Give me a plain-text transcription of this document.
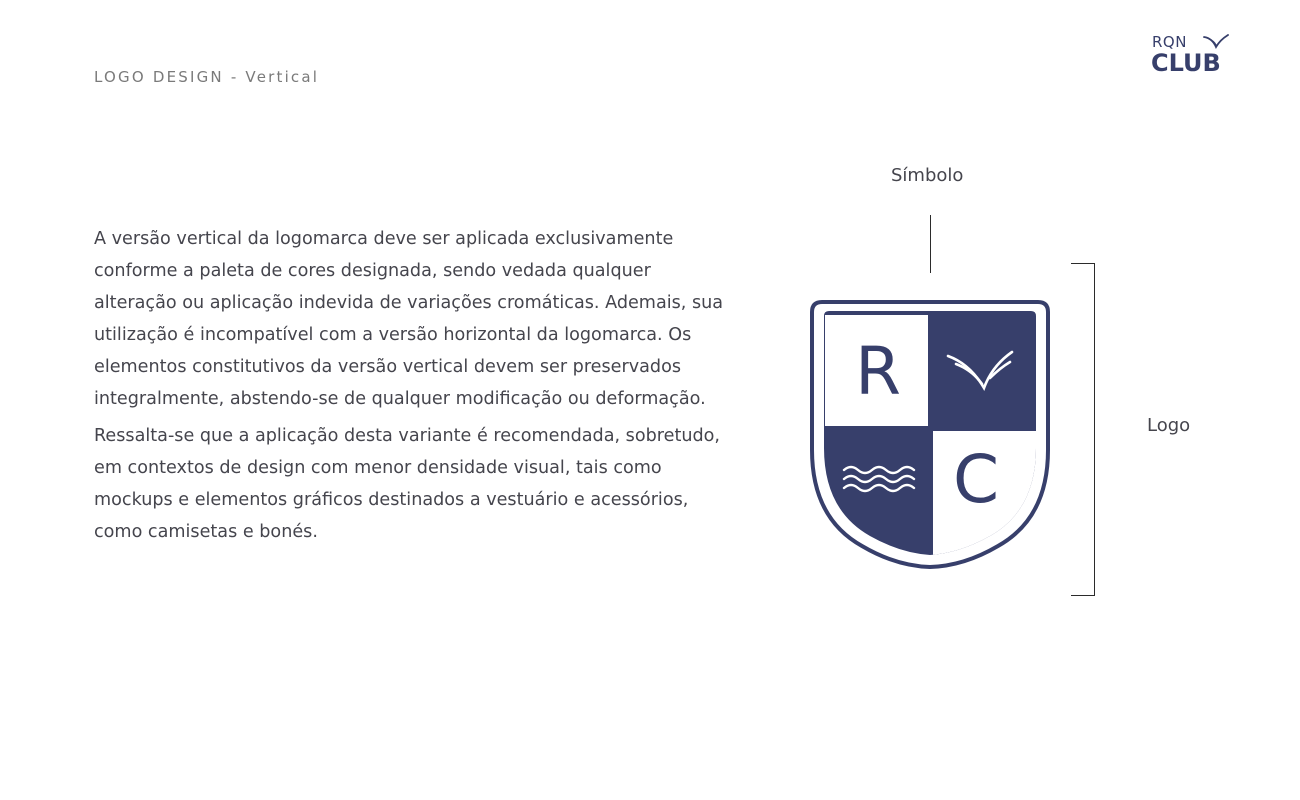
LOGO DESIGN - Vertical
RQN
CLUB

A versão vertical da logomarca deve ser aplicada exclusivamente conforme a paleta de cores designada, sendo vedada qualquer alteração ou aplicação indevida de variações cromáticas. Ademais, sua utilização é incompatível com a versão horizontal da logomarca. Os elementos constitutivos da versão vertical devem ser preservados integralmente, abstendo-se de qualquer modificação ou deformação.

Ressalta-se que a aplicação desta variante é recomendada, sobretudo, em contextos de design com menor densidade visual, tais como mockups e elementos gráficos destinados a vestuário e acessórios, como camisetas e bonés.

Símbolo
Logo
R
C
